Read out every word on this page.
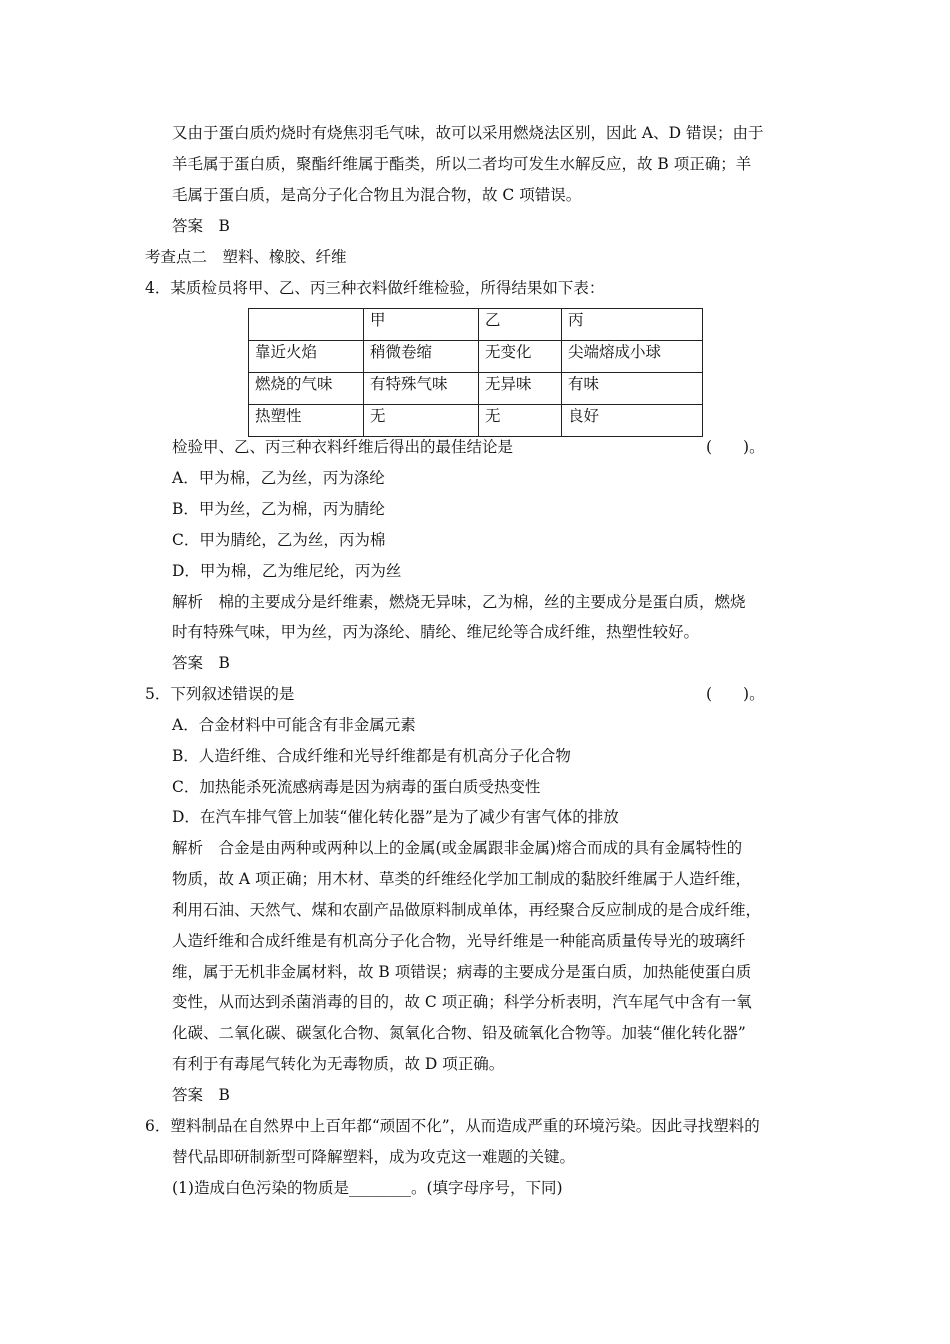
又由于蛋白质灼烧时有烧焦羽毛气味，故可以采用燃烧法区别，因此 A、D 错误；由于
羊毛属于蛋白质，聚酯纤维属于酯类，所以二者均可发生水解反应，故 B 项正确；羊
毛属于蛋白质，是高分子化合物且为混合物，故 C 项错误。
答案　B
考查点二　塑料、橡胶、纤维
4．某质检员将甲、乙、丙三种衣料做纤维检验，所得结果如下表：
	甲	乙	丙
靠近火焰	稍微卷缩	无变化	尖端熔成小球
燃烧的气味	有特殊气味	无异味	有味
热塑性	无	无	良好
检验甲、乙、丙三种衣料纤维后得出的最佳结论是	(　　)。
A．甲为棉，乙为丝，丙为涤纶
B．甲为丝，乙为棉，丙为腈纶
C．甲为腈纶，乙为丝，丙为棉
D．甲为棉，乙为维尼纶，丙为丝
解析　棉的主要成分是纤维素，燃烧无异味，乙为棉，丝的主要成分是蛋白质，燃烧
时有特殊气味，甲为丝，丙为涤纶、腈纶、维尼纶等合成纤维，热塑性较好。
答案　B
5．下列叙述错误的是	(　　)。
A．合金材料中可能含有非金属元素
B．人造纤维、合成纤维和光导纤维都是有机高分子化合物
C．加热能杀死流感病毒是因为病毒的蛋白质受热变性
D．在汽车排气管上加装“催化转化器”是为了减少有害气体的排放
解析　合金是由两种或两种以上的金属(或金属跟非金属)熔合而成的具有金属特性的
物质，故 A 项正确；用木材、草类的纤维经化学加工制成的黏胶纤维属于人造纤维，
利用石油、天然气、煤和农副产品做原料制成单体，再经聚合反应制成的是合成纤维，
人造纤维和合成纤维是有机高分子化合物，光导纤维是一种能高质量传导光的玻璃纤
维，属于无机非金属材料，故 B 项错误；病毒的主要成分是蛋白质，加热能使蛋白质
变性，从而达到杀菌消毒的目的，故 C 项正确；科学分析表明，汽车尾气中含有一氧
化碳、二氧化碳、碳氢化合物、氮氧化合物、铅及硫氧化合物等。加装“催化转化器”
有利于有毒尾气转化为无毒物质，故 D 项正确。
答案　B
6．塑料制品在自然界中上百年都“顽固不化”，从而造成严重的环境污染。因此寻找塑料的
替代品即研制新型可降解塑料，成为攻克这一难题的关键。
(1)造成白色污染的物质是________。(填字母序号，下同)
